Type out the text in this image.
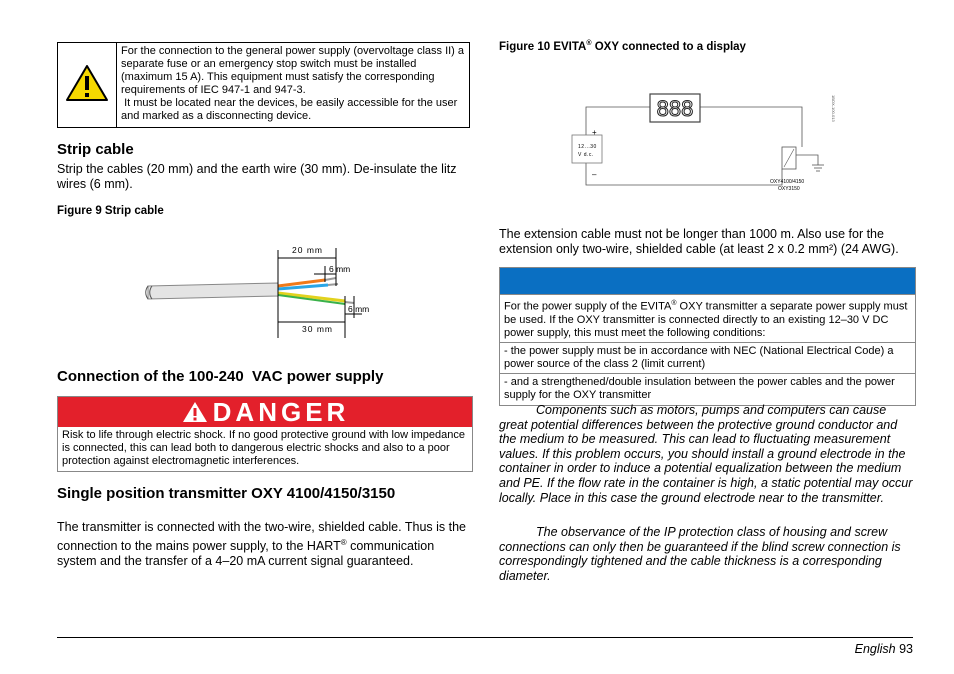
	For the connection to the general power supply (overvoltage class II) a separate fuse or an emergency stop switch must be installed (maximum 15 A). This equipment must satisfy the corresponding requirements of IEC 947-1 and 947-3.
It must be located near the devices, be easily accessible for the user and marked as a disconnecting device.
Strip cable
Strip the cables (20 mm) and the earth wire (30 mm). De-insulate the litz wires (6 mm).
Figure 9 Strip cable
20 mm
6 mm
6 mm
30 mm
Connection of the 100-240  VAC power supply
DANGER
Risk to life through electric shock. If no good protective ground with low impedance is connected, this can lead both to dangerous electric shocks and also to a poor protection against electromagnetic interferences.
Single position transmitter OXY 4100/4150/3150
The transmitter is connected with the two-wire, shielded cable. Thus is the connection to the mains power supply, to the HART® communication system and the transfer of a 4–20 mA current signal guaranteed.
Figure 10 EVITA® OXY connected to a display
888
+
–
12...30
V d.c.
OXY4100/4150
OXY3150
1BOX-100-013
The extension cable must not be longer than 1000 m. Also use for the extension only two-wire, shielded cable (at least 2 x 0.2 mm²) (24 AWG).
For the power supply of the EVITA® OXY transmitter a separate power supply must be used. If the OXY transmitter is connected directly to an existing 12–30 V DC power supply, this must meet the following conditions:
- the power supply must be in accordance with NEC (National Electrical Code) a power source of the class 2 (limit current)
- and a strengthened/double insulation between the power cables and the power supply for the OXY transmitter
Components such as motors, pumps and computers can cause great potential differences between the protective ground conductor and the medium to be measured. This can lead to fluctuating measurement values. If this problem occurs, you should install a ground electrode in the container in order to induce a potential equalization between the medium and PE. If the flow rate in the container is high, a static potential may occur locally. Place in this case the ground electrode near to the transmitter.
The observance of the IP protection class of housing and screw connections can only then be guaranteed if the blind screw connection is correspondingly tightened and the cable thickness is a corresponding diameter.
English 93
